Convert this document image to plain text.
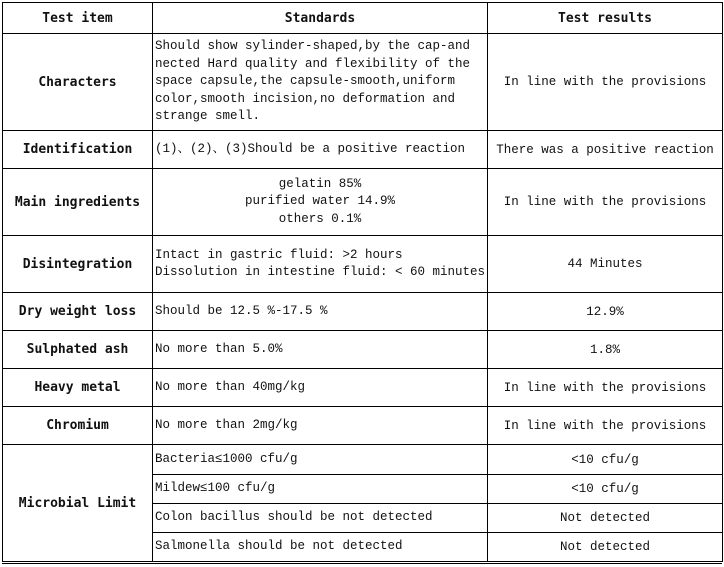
Test item	Standards	Test results
Characters	Should show sylinder-shaped,by the cap-and
nected Hard quality and flexibility of the
space capsule,the capsule-smooth,uniform
color,smooth incision,no deformation and
strange smell.	In line with the provisions
Identification	(1)、(2)、(3)Should be a positive reaction	There was a positive reaction
Main ingredients	gelatin 85%
purified water 14.9%
others 0.1%	In line with the provisions
Disintegration	Intact in gastric fluid: >2 hours
Dissolution in intestine fluid: < 60 minutes	44 Minutes
Dry weight loss	Should be 12.5 %-17.5 %	12.9%
Sulphated ash	No more than 5.0%	1.8%
Heavy metal	No more than 40mg/kg	In line with the provisions
Chromium	No more than 2mg/kg	In line with the provisions
Microbial Limit	Bacteria≤1000 cfu/g	<10 cfu/g
	Mildew≤100 cfu/g	<10 cfu/g
	Colon bacillus should be not detected	Not detected
	Salmonella should be not detected	Not detected
